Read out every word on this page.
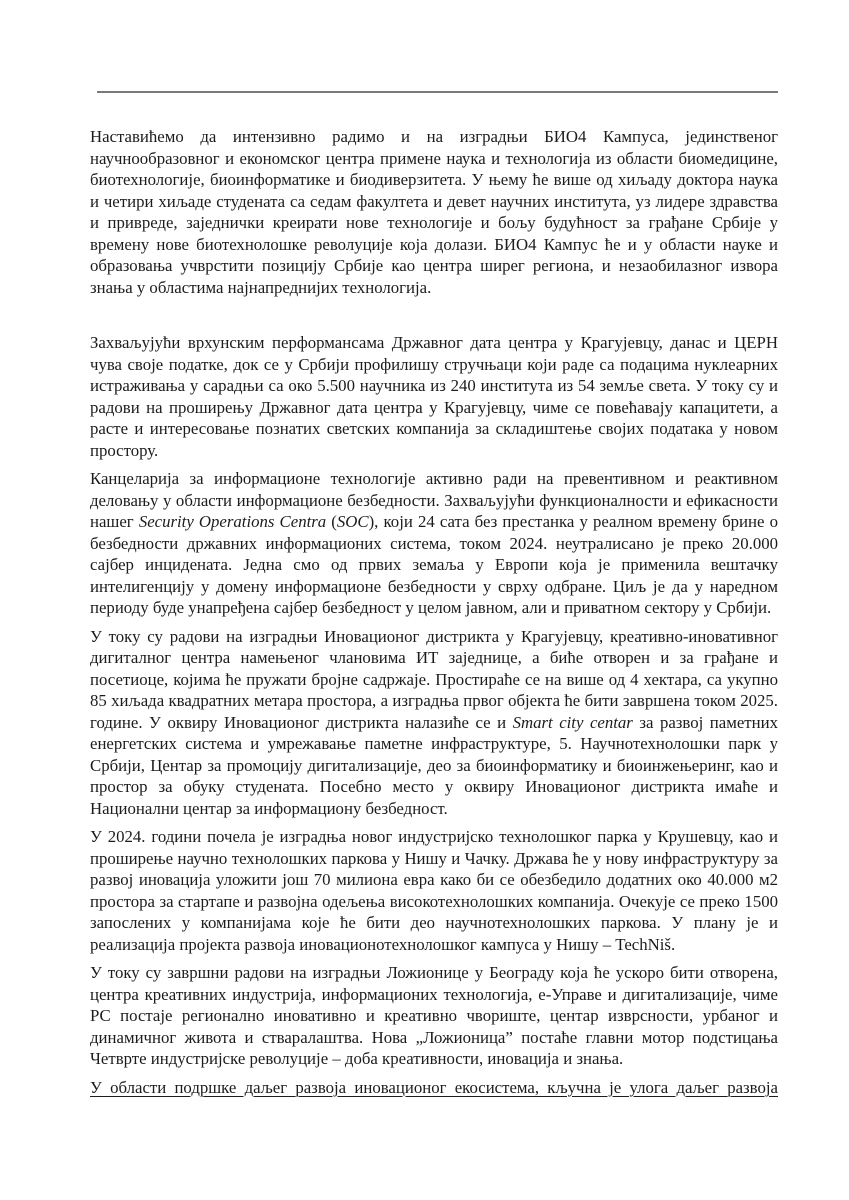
Наставићемо да интензивно радимо и на изградњи БИО4 Кампуса, јединственог научнообразовног и економског центра примене наука и технологија из области биомедицине, биотехнологије, биоинформатике и биодиверзитета. У њему ће више од хиљаду доктора наука и четири хиљаде студената са седам факултета и девет научних института, уз лидере здравства и привреде, заједнички креирати нове технологије и бољу будућност за грађане Србије у времену нове биотехнолошке револуције која долази. БИО4 Кампус ће и у области науке и образовања учврстити позицију Србије као центра ширег региона, и незаобилазног извора знања у областима најнапреднијих технологија.

Захваљујући врхунским перформансама Државног дата центра у Крагујевцу, данас и ЦЕРН чува своје податке, док се у Србији профилишу стручњаци који раде са подацима нуклеарних истраживања у сарадњи са око 5.500 научника из 240 института из 54 земље света. У току су и радови на проширењу Државног дата центра у Крагујевцу, чиме се повећавају капацитети, а расте и интересовање познатих светских компанија за складиштење својих података у новом простору.

Канцеларија за информационе технологије активно ради на превентивном и реактивном деловању у области информационе безбедности. Захваљујући функционалности и ефикасности нашег Security Operations Centra (SOC), који 24 сата без престанка у реалном времену брине о безбедности државних информационих система, током 2024. неутралисано је преко 20.000 сајбер инцидената. Једна смо од првих земаља у Европи која је применила вештачку интелигенцију у домену информационе безбедности у сврху одбране. Циљ је да у наредном периоду буде унапређена сајбер безбедност у целом јавном, али и приватном сектору у Србији.

У току су радови на изградњи Иновационог дистрикта у Крагујевцу, креативно-иновативног дигиталног центра намењеног члановима ИТ заједнице, а биће отворен и за грађане и посетиоце, којима ће пружати бројне садржаје. Простираће се на више од 4 хектара, са укупно 85 хиљада квадратних метара простора, а изградња првог објекта ће бити завршена током 2025. године. У оквиру Иновационог дистрикта налазиће се и Smart city centar за развој паметних енергетских система и умрежавање паметне инфраструктуре, 5. Научнотехнолошки парк у Србији, Центар за промоцију дигитализације, део за биоинформатику и биоинжењеринг, као и простор за обуку студената. Посебно место у оквиру Иновационог дистрикта имаће и Национални центар за информациону безбедност.

У 2024. години почела је изградња новог индустријско технолошког парка у Крушевцу, као и проширење научно технолошких паркова у Нишу и Чачку. Држава ће у нову инфраструктуру за развој иновација уложити још 70 милиона евра како би се обезбедило додатних око 40.000 м2 простора за стартапе и развојна одељења високотехнолошких компанија. Очекује се преко 1500 запослених у компанијама које ће бити део научнотехнолошких паркова. У плану је и реализација пројекта развоја иновационотехнолошког кампуса у Нишу – TechNiš.

У току су завршни радови на изградњи Ложионице у Београду која ће ускоро бити отворена, центра креативних индустрија, информационих технологија, е-Управе и дигитализације, чиме РС постаје регионално иновативно и креативно чвориште, центар изврсности, урбаног и динамичног живота и стваралаштва. Нова „Ложионица” постаће главни мотор подстицања Четврте индустријске револуције – доба креативности, иновација и знања.

У области подршке даљег развоја иновационог екосистема, кључна је улога даљег развоја
